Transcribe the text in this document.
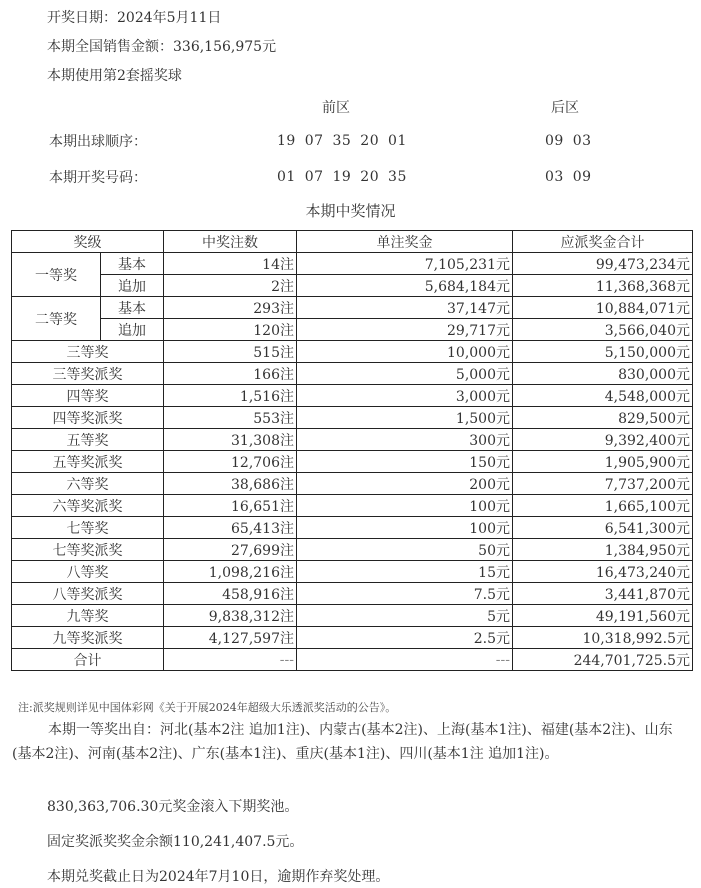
开奖日期：2024年5月11日
本期全国销售金额：336,156,975元
本期使用第2套摇奖球
前区	后区
本期出球顺序：	19 07 35 20 01	09 03
本期开奖号码：	01 07 19 20 35	03 09
本期中奖情况
奖级		中奖注数	单注奖金	应派奖金合计
一等奖	基本	14注	7,105,231元	99,473,234元
	追加	2注	5,684,184元	11,368,368元
二等奖	基本	293注	37,147元	10,884,071元
	追加	120注	29,717元	3,566,040元
三等奖		515注	10,000元	5,150,000元
三等奖派奖		166注	5,000元	830,000元
四等奖		1,516注	3,000元	4,548,000元
四等奖派奖		553注	1,500元	829,500元
五等奖		31,308注	300元	9,392,400元
五等奖派奖		12,706注	150元	1,905,900元
六等奖		38,686注	200元	7,737,200元
六等奖派奖		16,651注	100元	1,665,100元
七等奖		65,413注	100元	6,541,300元
七等奖派奖		27,699注	50元	1,384,950元
八等奖		1,098,216注	15元	16,473,240元
八等奖派奖		458,916注	7.5元	3,441,870元
九等奖		9,838,312注	5元	49,191,560元
九等奖派奖		4,127,597注	2.5元	10,318,992.5元
合计		---	---	244,701,725.5元
注:派奖规则详见中国体彩网《关于开展2024年超级大乐透派奖活动的公告》。
本期一等奖出自：河北(基本2注 追加1注)、内蒙古(基本2注)、上海(基本1注)、福建(基本2注)、山东(基本2注)、河南(基本2注)、广东(基本1注)、重庆(基本1注)、四川(基本1注 追加1注)。
830,363,706.30元奖金滚入下期奖池。
固定奖派奖奖金余额110,241,407.5元。
本期兑奖截止日为2024年7月10日，逾期作弃奖处理。
